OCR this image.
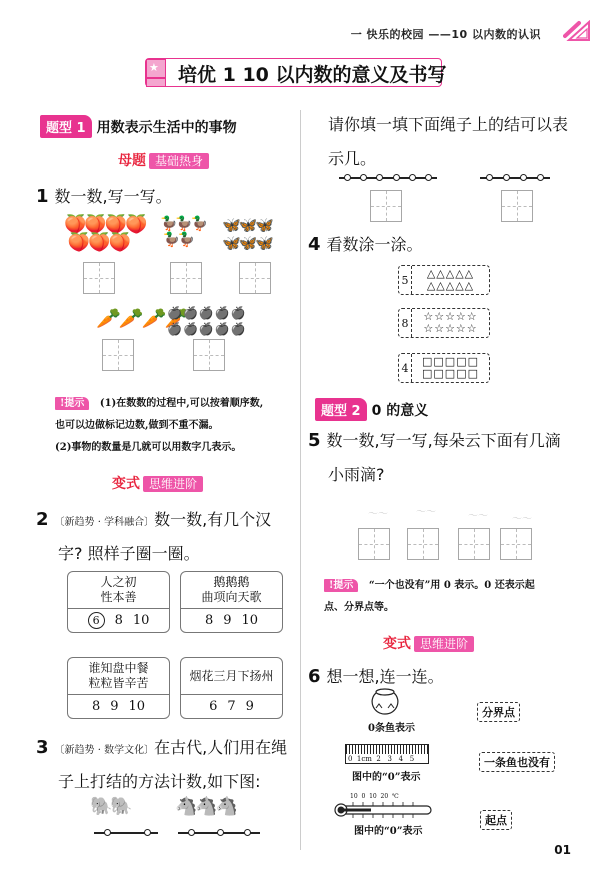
一 快乐的校园 ——10 以内数的认识
★ 培优 1 10 以内数的意义及书写
题型 1 用数表示生活中的事物
母题 基础热身
1 数一数,写一写。
🍑🍑🍑🍑
🍑🍑🍑
🦆🦆🦆
🦆🦆
🦋🦋🦋
🦋🦋🦋
🥕🥕🥕🥕
🍎🍎🍎🍎🍎
🍎🍎🍎🍎🍎
!提示 (1)在数数的过程中,可以按着顺序数,
也可以边做标记边数,做到不重不漏。
(2)事物的数量是几就可以用数字几表示。
变式 思维进阶
2 〔新趋势 · 学科融合〕数一数,有几个汉
字? 照样子圈一圈。
人之初
性本善
6 8 10
鹅鹅鹅
曲项向天歌
8 9 10
谁知盘中餐
粒粒皆辛苦
8 9 10
烟花三月下扬州
6 7 9
3 〔新趋势 · 数学文化〕在古代,人们用在绳
子上打结的方法计数,如下图:
🐘🐘 🐴🐴🐴
请你填一填下面绳子上的结可以表
示几。
4 看数涂一涂。
5	△△△△△
△△△△△
8	☆☆☆☆☆
☆☆☆☆☆
4	□□□□□
□□□□□
题型 2 0 的意义
5 数一数,写一写,每朵云下面有几滴
小雨滴?
〜〜	〜〜	〜〜 〜〜
!提示 “一个也没有”用 0 表示。0 还表示起
点、分界点等。
变式 思维进阶
6 想一想,连一连。
0条鱼表示
分界点
0  1cm  2   3   4   5
图中的“0”表示
一条鱼也没有
10  0  10  20  ℃
图中的“0”表示
起点
01
